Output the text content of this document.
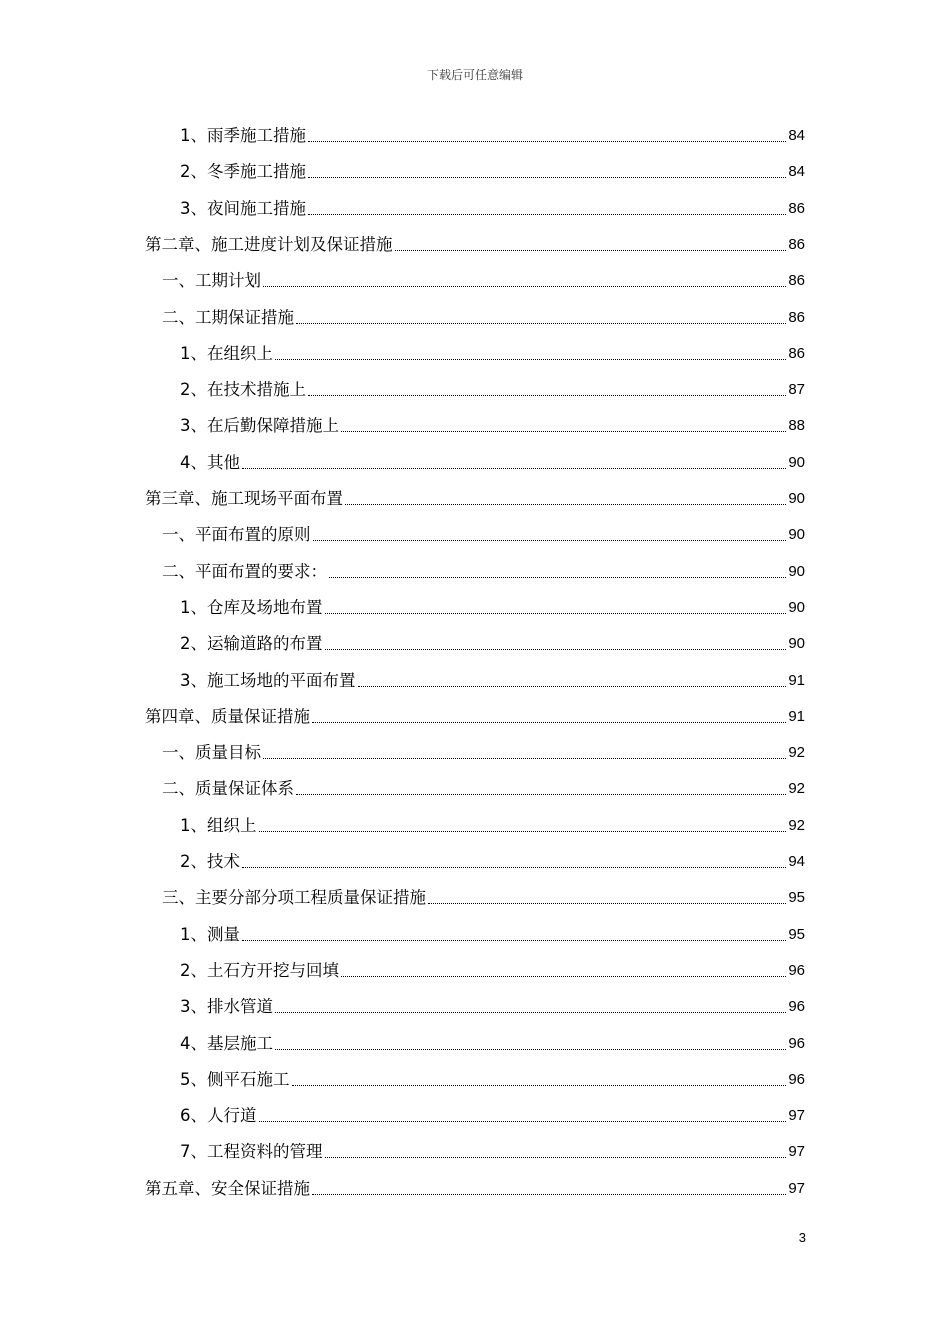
下载后可任意编辑
1、雨季施工措施	84
2、冬季施工措施	84
3、夜间施工措施	86
第二章、施工进度计划及保证措施	86
一、工期计划	86
二、工期保证措施	86
1、在组织上	86
2、在技术措施上	87
3、在后勤保障措施上	88
4、其他	90
第三章、施工现场平面布置	90
一、平面布置的原则	90
二、平面布置的要求：	90
1、仓库及场地布置	90
2、运输道路的布置	90
3、施工场地的平面布置	91
第四章、质量保证措施	91
一、质量目标	92
二、质量保证体系	92
1、组织上	92
2、技术	94
三、主要分部分项工程质量保证措施	95
1、测量	95
2、土石方开挖与回填	96
3、排水管道	96
4、基层施工	96
5、侧平石施工	96
6、人行道	97
7、工程资料的管理	97
第五章、安全保证措施	97
3
